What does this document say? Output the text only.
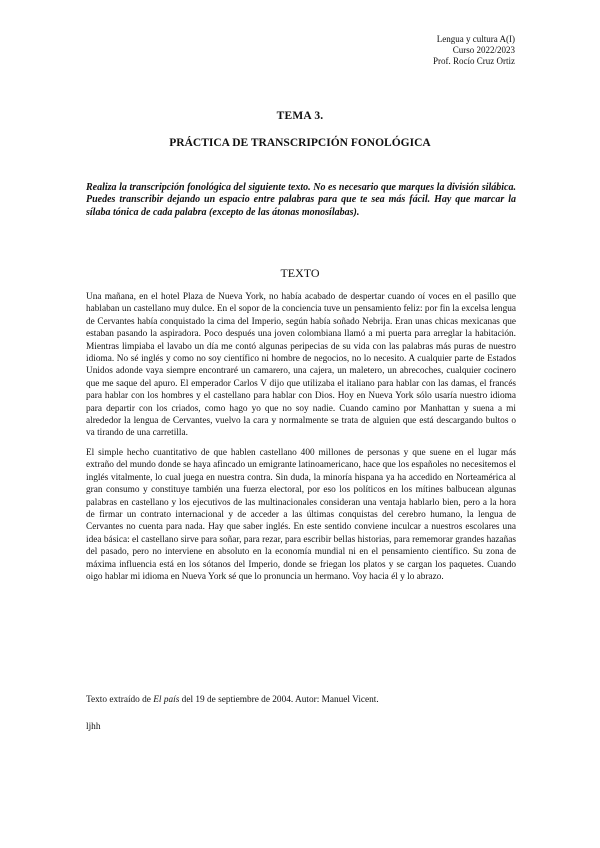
Lengua y cultura A(I)
Curso 2022/2023
Prof. Rocío Cruz Ortiz
TEMA 3.
PRÁCTICA DE TRANSCRIPCIÓN FONOLÓGICA
Realiza la transcripción fonológica del siguiente texto. No es necesario que marques la división silábica. Puedes transcribir dejando un espacio entre palabras para que te sea más fácil. Hay que marcar la sílaba tónica de cada palabra (excepto de las átonas monosílabas).
TEXTO

Una mañana, en el hotel Plaza de Nueva York, no había acabado de despertar cuando oí voces en el pasillo que hablaban un castellano muy dulce. En el sopor de la conciencia tuve un pensamiento feliz: por fin la excelsa lengua de Cervantes había conquistado la cima del Imperio, según había soñado Nebrija. Eran unas chicas mexicanas que estaban pasando la aspiradora. Poco después una joven colombiana llamó a mi puerta para arreglar la habitación. Mientras limpiaba el lavabo un día me contó algunas peripecias de su vida con las palabras más puras de nuestro idioma. No sé inglés y como no soy científico ni hombre de negocios, no lo necesito. A cualquier parte de Estados Unidos adonde vaya siempre encontraré un camarero, una cajera, un maletero, un abrecoches, cualquier cocinero que me saque del apuro. El emperador Carlos V dijo que utilizaba el italiano para hablar con las damas, el francés para hablar con los hombres y el castellano para hablar con Dios. Hoy en Nueva York sólo usaría nuestro idioma para departir con los criados, como hago yo que no soy nadie. Cuando camino por Manhattan y suena a mi alrededor la lengua de Cervantes, vuelvo la cara y normalmente se trata de alguien que está descargando bultos o va tirando de una carretilla.

El simple hecho cuantitativo de que hablen castellano 400 millones de personas y que suene en el lugar más extraño del mundo donde se haya afincado un emigrante latinoamericano, hace que los españoles no necesitemos el inglés vitalmente, lo cual juega en nuestra contra. Sin duda, la minoría hispana ya ha accedido en Norteamérica al gran consumo y constituye también una fuerza electoral, por eso los políticos en los mítines balbucean algunas palabras en castellano y los ejecutivos de las multinacionales consideran una ventaja hablarlo bien, pero a la hora de firmar un contrato internacional y de acceder a las últimas conquistas del cerebro humano, la lengua de Cervantes no cuenta para nada. Hay que saber inglés. En este sentido conviene inculcar a nuestros escolares una idea básica: el castellano sirve para soñar, para rezar, para escribir bellas historias, para rememorar grandes hazañas del pasado, pero no interviene en absoluto en la economía mundial ni en el pensamiento científico. Su zona de máxima influencia está en los sótanos del Imperio, donde se friegan los platos y se cargan los paquetes. Cuando oigo hablar mi idioma en Nueva York sé que lo pronuncia un hermano. Voy hacia él y lo abrazo.

Texto extraído de El país del 19 de septiembre de 2004. Autor: Manuel Vicent.
ljhh
